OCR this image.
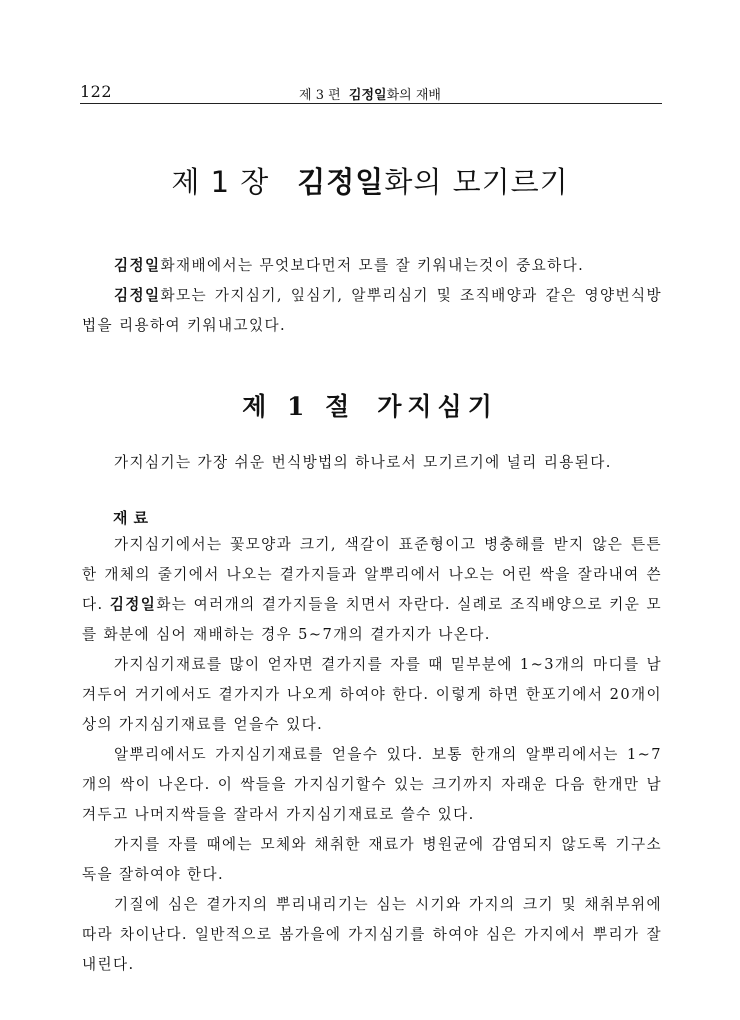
122	제 3 편  김정일화의 재배
제 1 장 김정일화의 모기르기

김정일화재배에서는 무엇보다먼저 모를 잘 키워내는것이 중요하다.

김정일화모는 가지심기, 잎심기, 알뿌리심기 및 조직배양과 같은 영양번식방법을 리용하여 키워내고있다.

제 1 절 가지심기

가지심기는 가장 쉬운 번식방법의 하나로서 모기르기에 널리 리용된다.

재료

가지심기에서는 꽃모양과 크기, 색갈이 표준형이고 병충해를 받지 않은 튼튼한 개체의 줄기에서 나오는 곁가지들과 알뿌리에서 나오는 어린 싹을 잘라내여 쓴다. 김정일화는 여러개의 곁가지들을 치면서 자란다. 실례로 조직배양으로 키운 모를 화분에 심어 재배하는 경우 5∼7개의 곁가지가 나온다.

가지심기재료를 많이 얻자면 곁가지를 자를 때 밑부분에 1∼3개의 마디를 남겨두어 거기에서도 곁가지가 나오게 하여야 한다. 이렇게 하면 한포기에서 20개이상의 가지심기재료를 얻을수 있다.

알뿌리에서도 가지심기재료를 얻을수 있다. 보통 한개의 알뿌리에서는 1∼7개의 싹이 나온다. 이 싹들을 가지심기할수 있는 크기까지 자래운 다음 한개만 남겨두고 나머지싹들을 잘라서 가지심기재료로 쓸수 있다.

가지를 자를 때에는 모체와 채취한 재료가 병원균에 감염되지 않도록 기구소독을 잘하여야 한다.

기질에 심은 곁가지의 뿌리내리기는 심는 시기와 가지의 크기 및 채취부위에 따라 차이난다. 일반적으로 봄가을에 가지심기를 하여야 심은 가지에서 뿌리가 잘 내린다.
